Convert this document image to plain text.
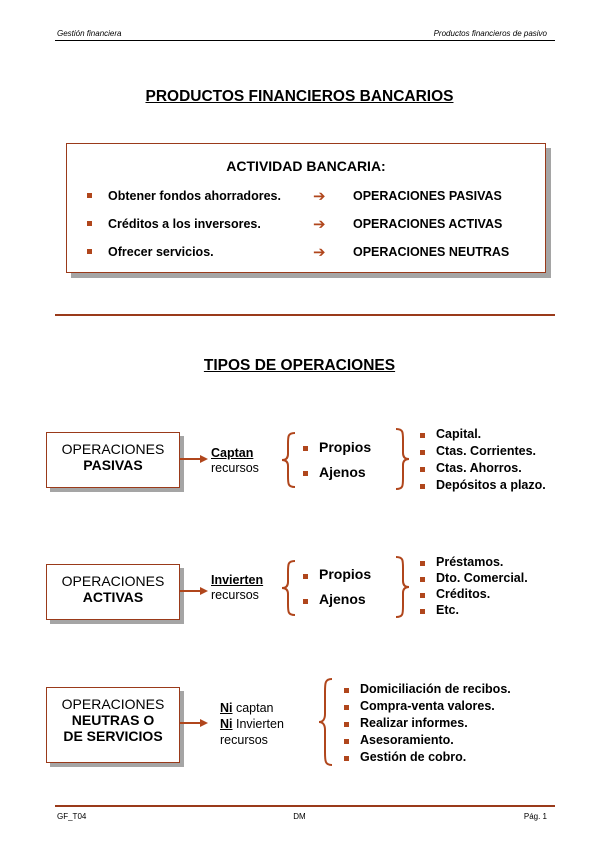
Gestión financiera	Productos financieros de pasivo
PRODUCTOS FINANCIEROS BANCARIOS
ACTIVIDAD BANCARIA:
Obtener fondos ahorradores. ➔ OPERACIONES PASIVAS
Créditos a los inversores.	➔ OPERACIONES ACTIVAS
Ofrecer servicios.	➔ OPERACIONES NEUTRAS
TIPOS DE OPERACIONES
OPERACIONES
PASIVAS
Captan
recursos
Propios
Ajenos
Capital.
Ctas. Corrientes.
Ctas. Ahorros.
Depósitos a plazo.
OPERACIONES
ACTIVAS
Invierten
recursos
Propios
Ajenos
Préstamos.
Dto. Comercial.
Créditos.
Etc.
OPERACIONES
NEUTRAS O
DE SERVICIOS
Ni captan
Ni Invierten
recursos
Domiciliación de recibos.
Compra-venta valores.
Realizar informes.
Asesoramiento.
Gestión de cobro.
GF_T04	DM	Pág. 1
